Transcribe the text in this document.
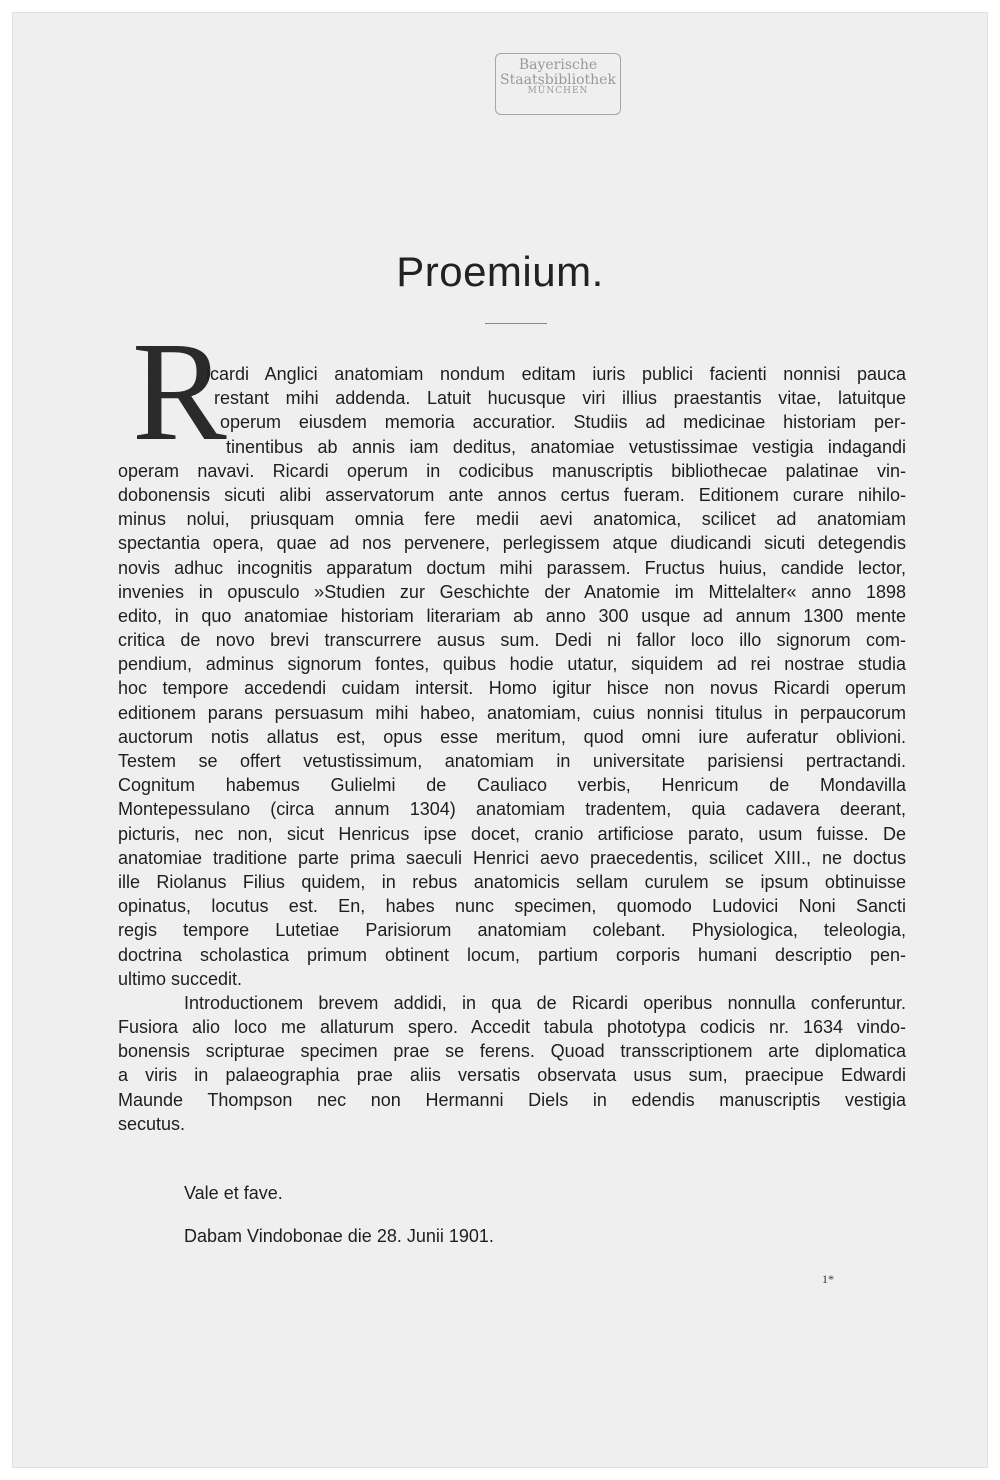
Bayerische
Staatsbibliothek
MÜNCHEN
Proemium.
R
icardi Anglici anatomiam nondum editam iuris publici facienti nonnisi pauca
restant mihi addenda. Latuit hucusque viri illius praestantis vitae, latuitque
operum eiusdem memoria accuratior. Studiis ad medicinae historiam per-
tinentibus ab annis iam deditus, anatomiae vetustissimae vestigia indagandi
operam navavi. Ricardi operum in codicibus manuscriptis bibliothecae palatinae vin-
dobonensis sicuti alibi asservatorum ante annos certus fueram. Editionem curare nihilo-
minus nolui, priusquam omnia fere medii aevi anatomica, scilicet ad anatomiam
spectantia opera, quae ad nos pervenere, perlegissem atque diudicandi sicuti detegendis
novis adhuc incognitis apparatum doctum mihi parassem. Fructus huius, candide lector,
invenies in opusculo »Studien zur Geschichte der Anatomie im Mittelalter« anno 1898
edito, in quo anatomiae historiam literariam ab anno 300 usque ad annum 1300 mente
critica de novo brevi transcurrere ausus sum. Dedi ni fallor loco illo signorum com-
pendium, adminus signorum fontes, quibus hodie utatur, siquidem ad rei nostrae studia
hoc tempore accedendi cuidam intersit. Homo igitur hisce non novus Ricardi operum
editionem parans persuasum mihi habeo, anatomiam, cuius nonnisi titulus in perpaucorum
auctorum notis allatus est, opus esse meritum, quod omni iure auferatur oblivioni.
Testem se offert vetustissimum, anatomiam in universitate parisiensi pertractandi.
Cognitum habemus Gulielmi de Cauliaco verbis, Henricum de Mondavilla
Montepessulano (circa annum 1304) anatomiam tradentem, quia cadavera deerant,
picturis, nec non, sicut Henricus ipse docet, cranio artificiose parato, usum fuisse. De
anatomiae traditione parte prima saeculi Henrici aevo praecedentis, scilicet XIII., ne doctus
ille Riolanus Filius quidem, in rebus anatomicis sellam curulem se ipsum obtinuisse
opinatus, locutus est. En, habes nunc specimen, quomodo Ludovici Noni Sancti
regis tempore Lutetiae Parisiorum anatomiam colebant. Physiologica, teleologia,
doctrina scholastica primum obtinent locum, partium corporis humani descriptio pen-
ultimo succedit.
Introductionem brevem addidi, in qua de Ricardi operibus nonnulla conferuntur.
Fusiora alio loco me allaturum spero. Accedit tabula phototypa codicis nr. 1634 vindo-
bonensis scripturae specimen prae se ferens. Quoad transscriptionem arte diplomatica
a viris in palaeographia prae aliis versatis observata usus sum, praecipue Edwardi
Maunde Thompson nec non Hermanni Diels in edendis manuscriptis vestigia
secutus.
Vale et fave.
Dabam Vindobonae die 28. Junii 1901.
1*
